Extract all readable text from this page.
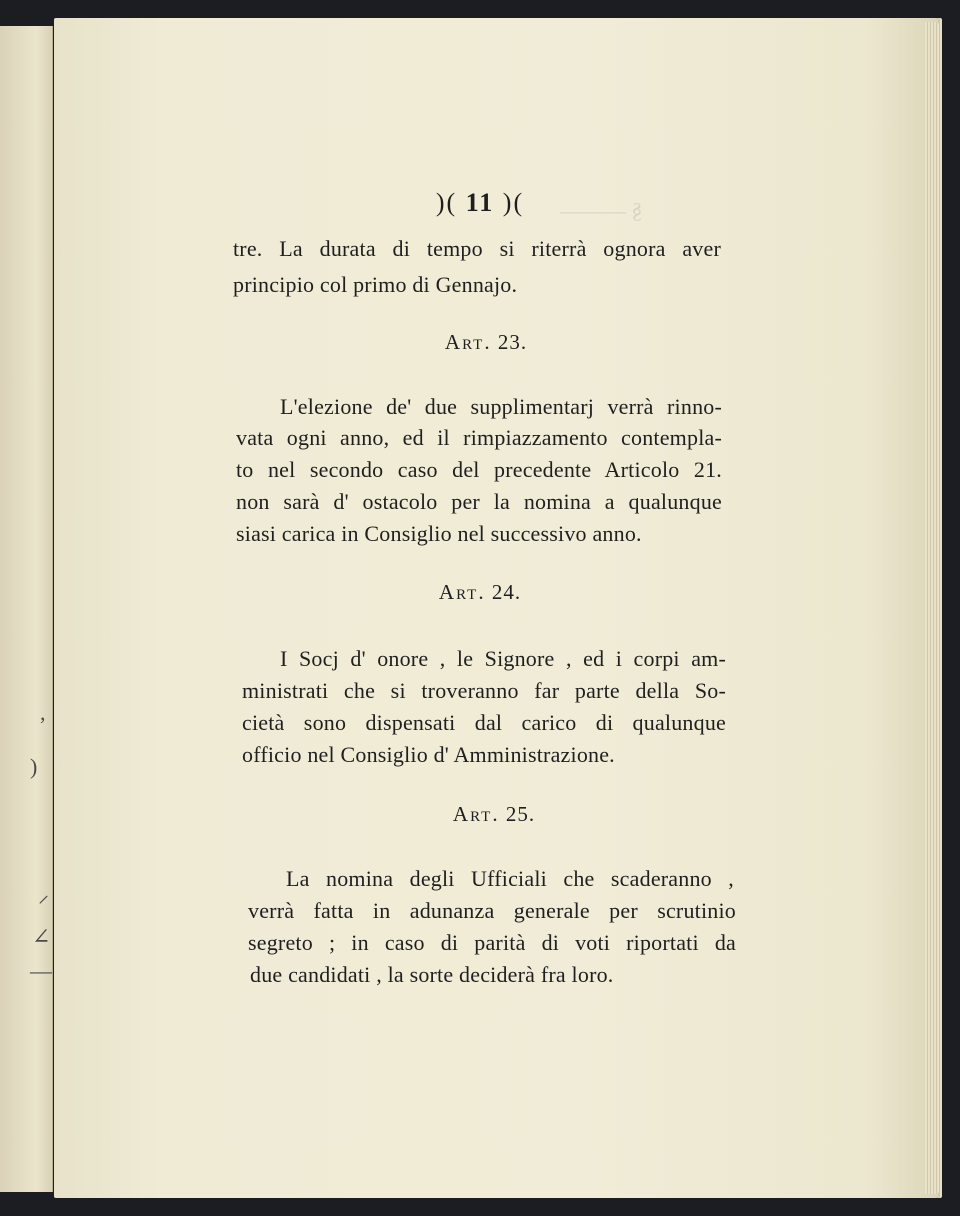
,
)
⸝
∠
—
§ ———
)( 11 )(
tre. La durata di tempo si riterrà ognora aver
principio col primo di Gennajo.
Art. 23.
L'elezione de' due supplimentarj verrà rinno-
vata ogni anno, ed il rimpiazzamento contempla-
to nel secondo caso del precedente Articolo 21.
non sarà d' ostacolo per la nomina a qualunque
siasi carica in Consiglio nel successivo anno.
Art. 24.
I Socj d' onore , le Signore , ed i corpi am-
ministrati che si troveranno far parte della So-
cietà sono dispensati dal carico di qualunque
officio nel Consiglio d' Amministrazione.
Art. 25.
La nomina degli Ufficiali che scaderanno ,
verrà fatta in adunanza generale per scrutinio
segreto ; in caso di parità di voti riportati da
due candidati , la sorte deciderà fra loro.
